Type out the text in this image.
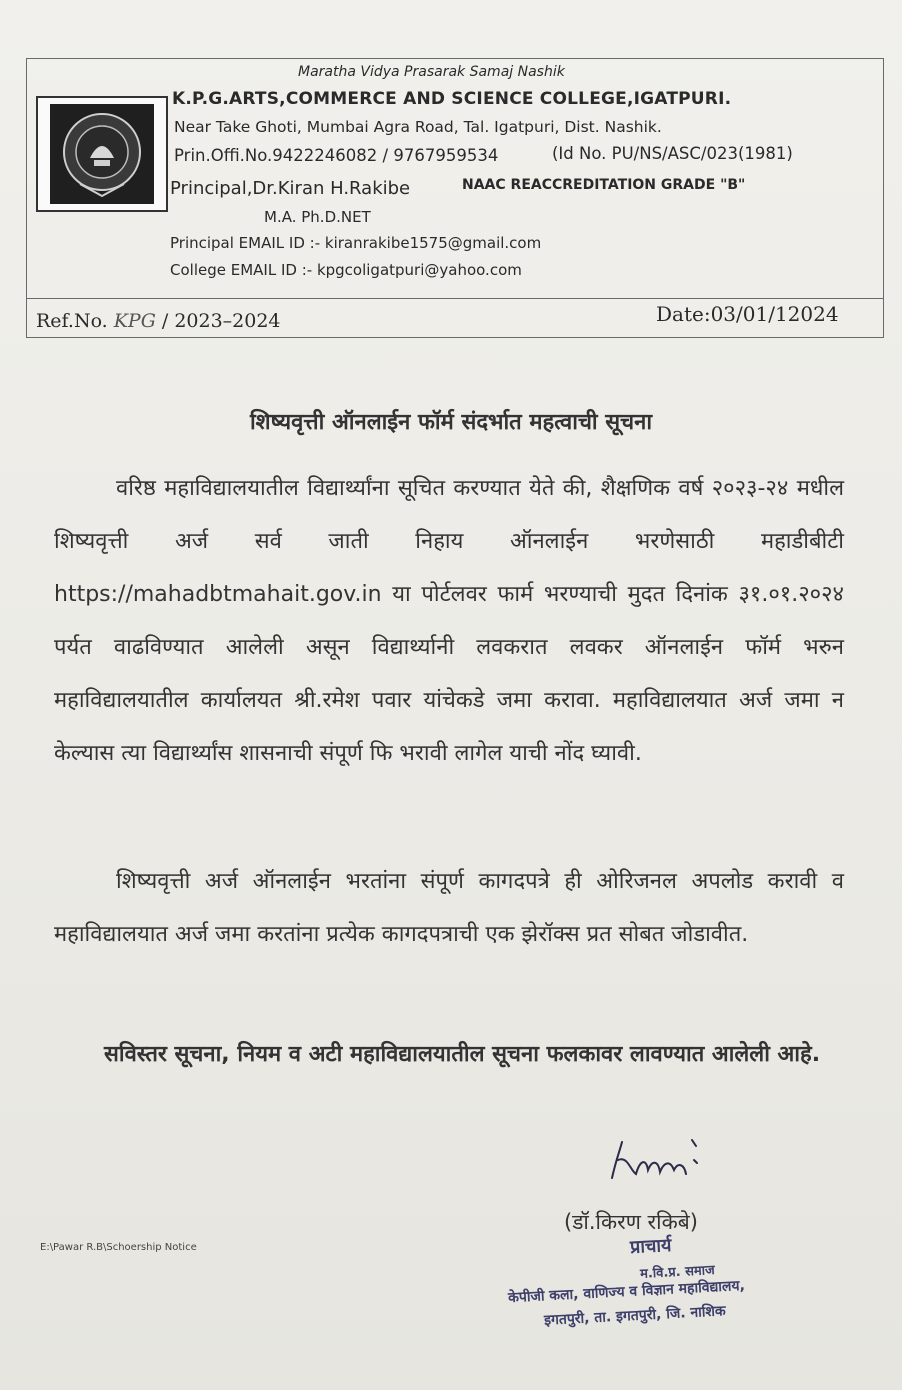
Maratha Vidya Prasarak Samaj Nashik
K.P.G.ARTS,COMMERCE AND SCIENCE COLLEGE,IGATPURI.
Near Take Ghoti, Mumbai Agra Road, Tal. Igatpuri, Dist. Nashik.
Prin.Offi.No.9422246082 / 9767959534	(Id No. PU/NS/ASC/023(1981)
Principal,Dr.Kiran H.Rakibe	NAAC REACCREDITATION GRADE "B"
M.A. Ph.D.NET
Principal EMAIL ID :- kiranrakibe1575@gmail.com
College EMAIL ID :- kpgcoligatpuri@yahoo.com
Ref.No. KPG / 2023–2024	Date:03/01/12024
शिष्यवृत्ती ऑनलाईन फॉर्म संदर्भात महत्वाची सूचना
वरिष्ठ महाविद्यालयातील विद्यार्थ्यांना सूचित करण्यात येते की, शैक्षणिक वर्ष २०२३-२४ मधील शिष्यवृत्ती अर्ज सर्व जाती निहाय ऑनलाईन भरणेसाठी महाडीबीटी https://mahadbtmahait.gov.in या पोर्टलवर फार्म भरण्याची मुदत दिनांक ३१.०१.२०२४ पर्यत वाढविण्यात आलेली असून विद्यार्थ्यानी लवकरात लवकर ऑनलाईन फॉर्म भरुन महाविद्यालयातील कार्यालयत श्री.रमेश पवार यांचेकडे जमा करावा. महाविद्यालयात अर्ज जमा न केल्यास त्या विद्यार्थ्यांस शासनाची संपूर्ण फि भरावी लागेल याची नोंद घ्यावी.
शिष्यवृत्ती अर्ज ऑनलाईन भरतांना संपूर्ण कागदपत्रे ही ओरिजनल अपलोड करावी व महाविद्यालयात अर्ज जमा करतांना प्रत्येक कागदपत्राची एक झेरॉक्स प्रत सोबत जोडावीत.
सविस्तर सूचना, नियम व अटी महाविद्यालयातील सूचना फलकावर लावण्यात आलेली आहे.
(डॉ.किरण रकिबे)
प्राचार्य
म.वि.प्र. समाज
केपीजी कला, वाणिज्य व विज्ञान महाविद्यालय,
इगतपुरी, ता. इगतपुरी, जि. नाशिक
E:\Pawar R.B\Schoership Notice
